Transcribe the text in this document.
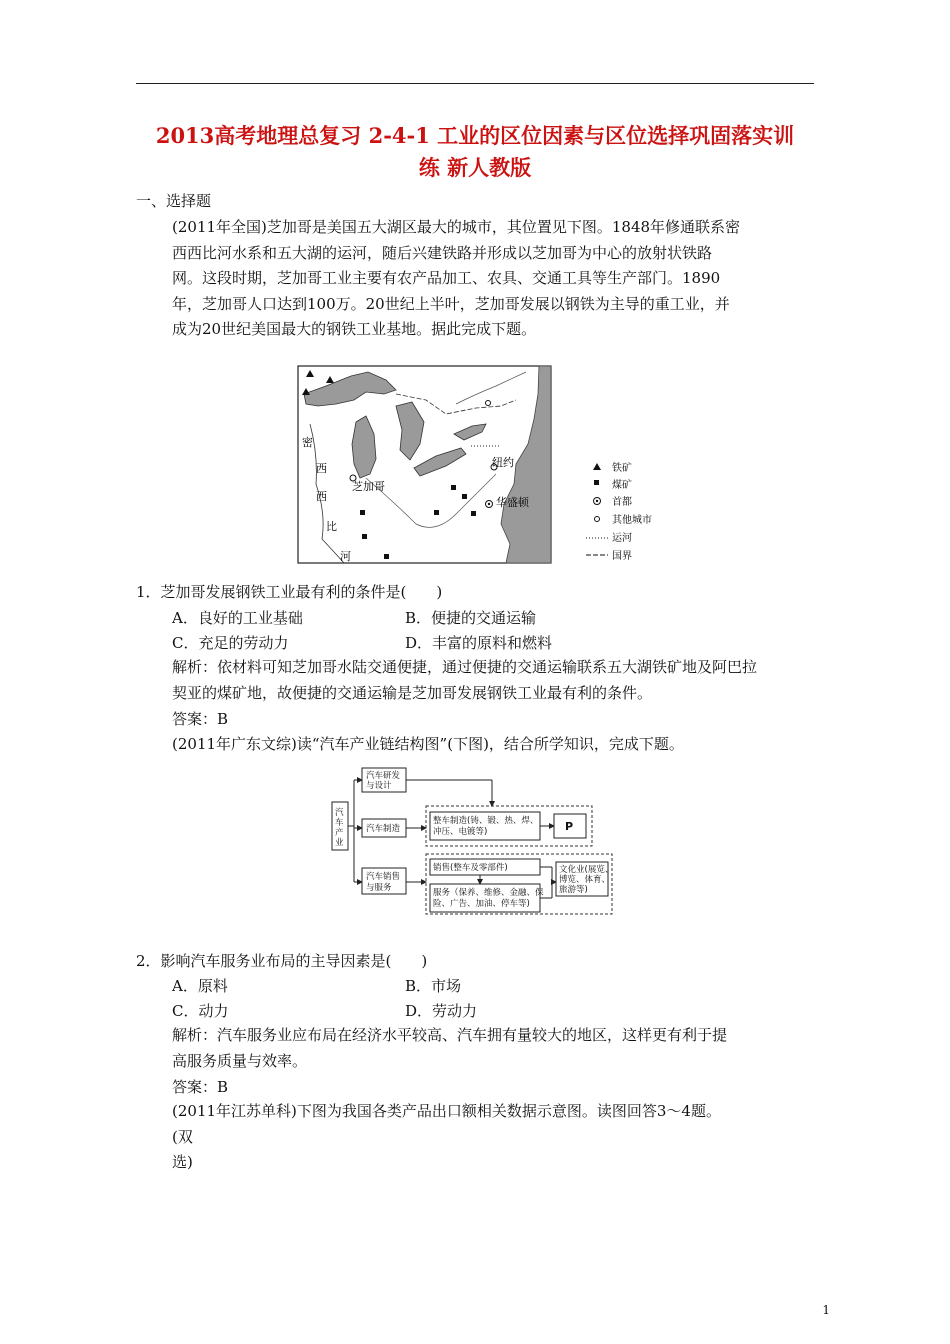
2013高考地理总复习 2-4-1 工业的区位因素与区位选择巩固落实训
练 新人教版
一、选择题
(2011年全国)芝加哥是美国五大湖区最大的城市，其位置见下图。1848年修通联系密
西西比河水系和五大湖的运河，随后兴建铁路并形成以芝加哥为中心的放射状铁路
网。这段时期，芝加哥工业主要有农产品加工、农具、交通工具等生产部门。1890
年，芝加哥人口达到100万。20世纪上半叶，芝加哥发展以钢铁为主导的重工业，并
成为20世纪美国最大的钢铁工业基地。据此完成下题。
密
西
西
比
河
芝加哥
纽约
华盛顿
铁矿
煤矿
首都
其他城市
运河
国界
1．芝加哥发展钢铁工业最有利的条件是(　　)
A．良好的工业基础	B．便捷的交通运输
C．充足的劳动力	D．丰富的原料和燃料
解析：依材料可知芝加哥水陆交通便捷，通过便捷的交通运输联系五大湖铁矿地及阿巴拉
契亚的煤矿地，故便捷的交通运输是芝加哥发展钢铁工业最有利的条件。
答案：B
(2011年广东文综)读“汽车产业链结构图”(下图)，结合所学知识，完成下题。
汽
车
产
业
汽车研发
与设计
汽车制造
汽车销售
与服务
整车制造(铸、锻、热、焊、
冲压、电镀等)	P
销售(整车及零部件)
服务（保养、维修、金融、保
险、广告、加油、停车等)
文化业(展览、
博览、体育、
旅游等)
2．影响汽车服务业布局的主导因素是(　　)
A．原料	B．市场
C．动力	D．劳动力
解析：汽车服务业应布局在经济水平较高、汽车拥有量较大的地区，这样更有利于提
高服务质量与效率。
答案：B
(2011年江苏单科)下图为我国各类产品出口额相关数据示意图。读图回答3～4题。
(双
选)
1
